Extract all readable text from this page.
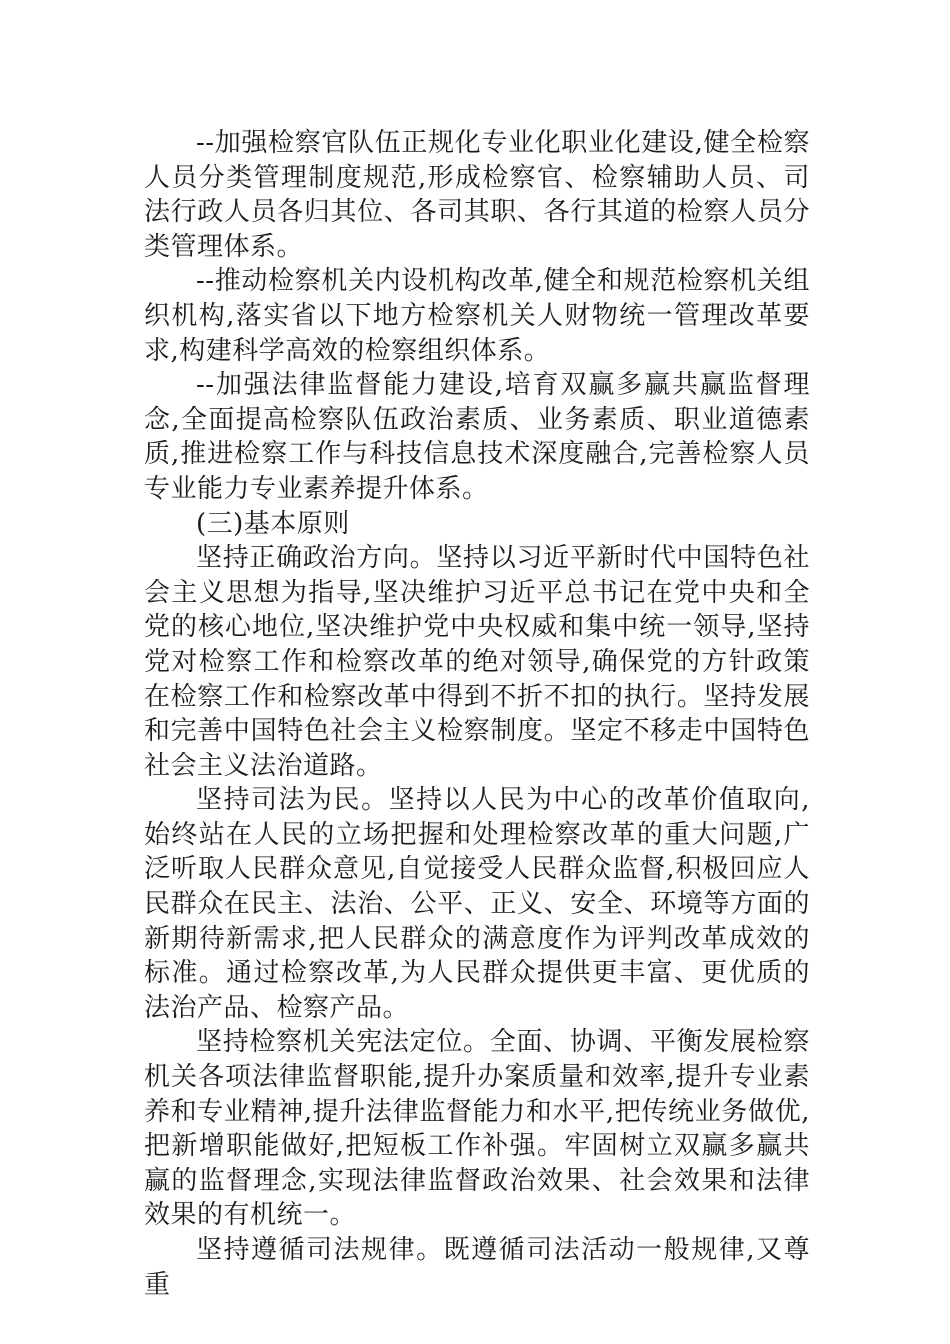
--加强检察官队伍正规化专业化职业化建设,健全检察人员分类管理制度规范,形成检察官、检察辅助人员、司法行政人员各归其位、各司其职、各行其道的检察人员分类管理体系。

--推动检察机关内设机构改革,健全和规范检察机关组织机构,落实省以下地方检察机关人财物统一管理改革要求,构建科学高效的检察组织体系。

--加强法律监督能力建设,培育双赢多赢共赢监督理念,全面提高检察队伍政治素质、业务素质、职业道德素质,推进检察工作与科技信息技术深度融合,完善检察人员专业能力专业素养提升体系。

(三)基本原则

坚持正确政治方向。坚持以习近平新时代中国特色社会主义思想为指导,坚决维护习近平总书记在党中央和全党的核心地位,坚决维护党中央权威和集中统一领导,坚持党对检察工作和检察改革的绝对领导,确保党的方针政策在检察工作和检察改革中得到不折不扣的执行。坚持发展和完善中国特色社会主义检察制度。坚定不移走中国特色社会主义法治道路。

坚持司法为民。坚持以人民为中心的改革价值取向,始终站在人民的立场把握和处理检察改革的重大问题,广泛听取人民群众意见,自觉接受人民群众监督,积极回应人民群众在民主、法治、公平、正义、安全、环境等方面的新期待新需求,把人民群众的满意度作为评判改革成效的标准。通过检察改革,为人民群众提供更丰富、更优质的法治产品、检察产品。

坚持检察机关宪法定位。全面、协调、平衡发展检察机关各项法律监督职能,提升办案质量和效率,提升专业素养和专业精神,提升法律监督能力和水平,把传统业务做优,把新增职能做好,把短板工作补强。牢固树立双赢多赢共赢的监督理念,实现法律监督政治效果、社会效果和法律效果的有机统一。

坚持遵循司法规律。既遵循司法活动一般规律,又尊重
